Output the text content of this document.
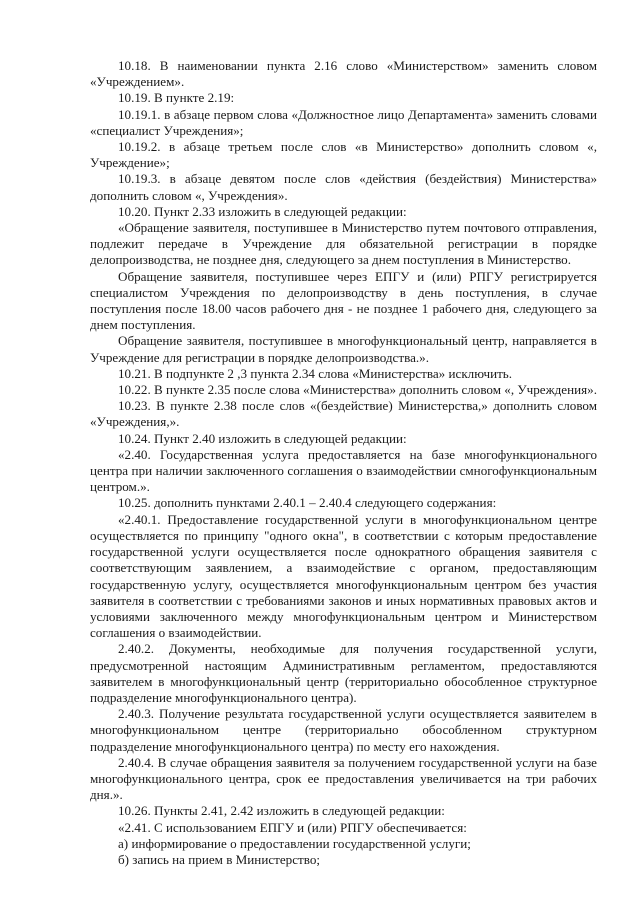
10.18. В наименовании пункта 2.16 слово «Министерством» заменить словом «Учреждением».

10.19. В пункте 2.19:

10.19.1. в абзаце первом слова «Должностное лицо Департамента» заменить словами «специалист Учреждения»;

10.19.2. в абзаце третьем после слов «в Министерство» дополнить словом «, Учреждение»;

10.19.3. в абзаце девятом после слов «действия (бездействия) Министерства» дополнить словом «, Учреждения».

10.20. Пункт 2.33 изложить в следующей редакции:

«Обращение заявителя, поступившее в Министерство путем почтового отправления, подлежит передаче в Учреждение для обязательной регистрации в порядке делопроизводства, не позднее дня, следующего за днем поступления в Министерство.

Обращение заявителя, поступившее через ЕПГУ и (или) РПГУ регистрируется специалистом Учреждения по делопроизводству в день поступления, в случае поступления после 18.00 часов рабочего дня - не позднее 1 рабочего дня, следующего за днем поступления.

Обращение заявителя, поступившее в многофункциональный центр, направляется в Учреждение для регистрации в порядке делопроизводства.».

10.21. В подпункте 2 ,3 пункта 2.34 слова «Министерства» исключить.

10.22. В пункте 2.35 после слова «Министерства» дополнить словом «, Учреждения».

10.23. В пункте 2.38 после слов «(бездействие) Министерства,» дополнить словом «Учреждения,».

10.24. Пункт 2.40 изложить в следующей редакции:

«2.40. Государственная услуга предоставляется на базе многофункционального центра при наличии заключенного соглашения о взаимодействии смногофункциональным центром.».

10.25. дополнить пунктами 2.40.1 – 2.40.4 следующего содержания:

«2.40.1. Предоставление государственной услуги в многофункциональном центре осуществляется по принципу "одного окна", в соответствии с которым предоставление государственной услуги осуществляется после однократного обращения заявителя с соответствующим заявлением, а взаимодействие с органом, предоставляющим государственную услугу, осуществляется многофункциональным центром без участия заявителя в соответствии с требованиями законов и иных нормативных правовых актов и условиями заключенного между многофункциональным центром и Министерством соглашения о взаимодействии.

2.40.2. Документы, необходимые для получения государственной услуги, предусмотренной настоящим Административным регламентом, предоставляются заявителем в многофункциональный центр (территориально обособленное структурное подразделение многофункционального центра).

2.40.3. Получение результата государственной услуги осуществляется заявителем в многофункциональном центре (территориально обособленном структурном подразделение многофункционального центра) по месту его нахождения.

2.40.4. В случае обращения заявителя за получением государственной услуги на базе многофункционального центра, срок ее предоставления увеличивается на три рабочих дня.».

10.26. Пункты 2.41, 2.42 изложить в следующей редакции:

«2.41. С использованием ЕПГУ и (или) РПГУ обеспечивается:

а) информирование о предоставлении государственной услуги;

б) запись на прием в Министерство;
